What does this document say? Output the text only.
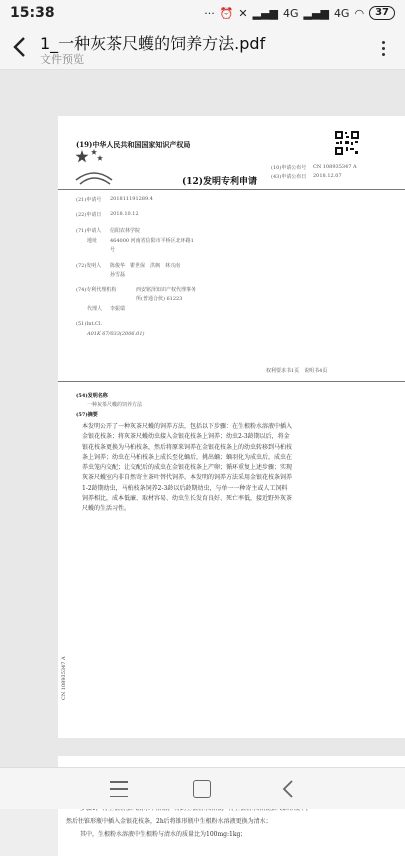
15:38	··· ⏰ ✕ ▂▄▆ 4G ▂▄▆ 4G ◠	37
1_一种灰茶尺蠖的饲养方法.pdf
文件预览
(19)中华人民共和国国家知识产权局
(12)发明专利申请
(10)申请公布号 CN 108935347 A
(43)申请公布日 2018.12.07
(21)申请号 201811191289.4
(22)申请日 2018.10.12
(71)申请人 信阳农林学院
地址	464000 河南省信阳市平桥区北环路1
号
(72)发明人 陈俊华　瞿世保　洪枫　林兴南
孙雪磊
(74)专利代理机构	西安铭泽知识产权代理事务
所(普通合伙) 61223
代理人 李振瑞
(51)Int.Cl.
A01K 67/033(2006.01)
权利要求书1页　说明书4页
(54)发明名称
一种灰茶尺蠖的饲养方法
(57)摘要
本发明公开了一种灰茶尺蠖的饲养方法，包括以下步骤：在生根粉水溶液中插入金银花枝条；将灰茶尺蠖幼虫接入金银花枝条上饲养；幼虫2-3龄期以后，将金银花枝条更换为马桕枝条，然后将原来饲养在金银花枝条上的幼虫转移到马桕枝条上饲养；幼虫在马桕枝条上成长至化蛹后，挑出蛹；蛹羽化为成虫后，成虫在养虫笼内交配；让交配后的成虫在金银花枝条上产卵；循环重复上述步骤；实现灰茶尺蠖室内非自然寄主茶叶替代饲养。本发明的饲养方法采用金银花枝条饲养1-2龄期幼虫，马桕枝条饲养2-3龄以后龄期幼虫，与单一一种寄主或人工饲料饲养相比，成本低廉、取材容易、幼虫生长发育良好、死亡率低，接近野外灰茶尺蠖的生活习性。
CN 108935347 A
然后往锥形瓶中插入金银花枝条，2h后将锥形瓶中生根粉水溶液更换为清水；
其中，生根粉水溶液中生根粉与清水的质量比为100mg:1kg；
